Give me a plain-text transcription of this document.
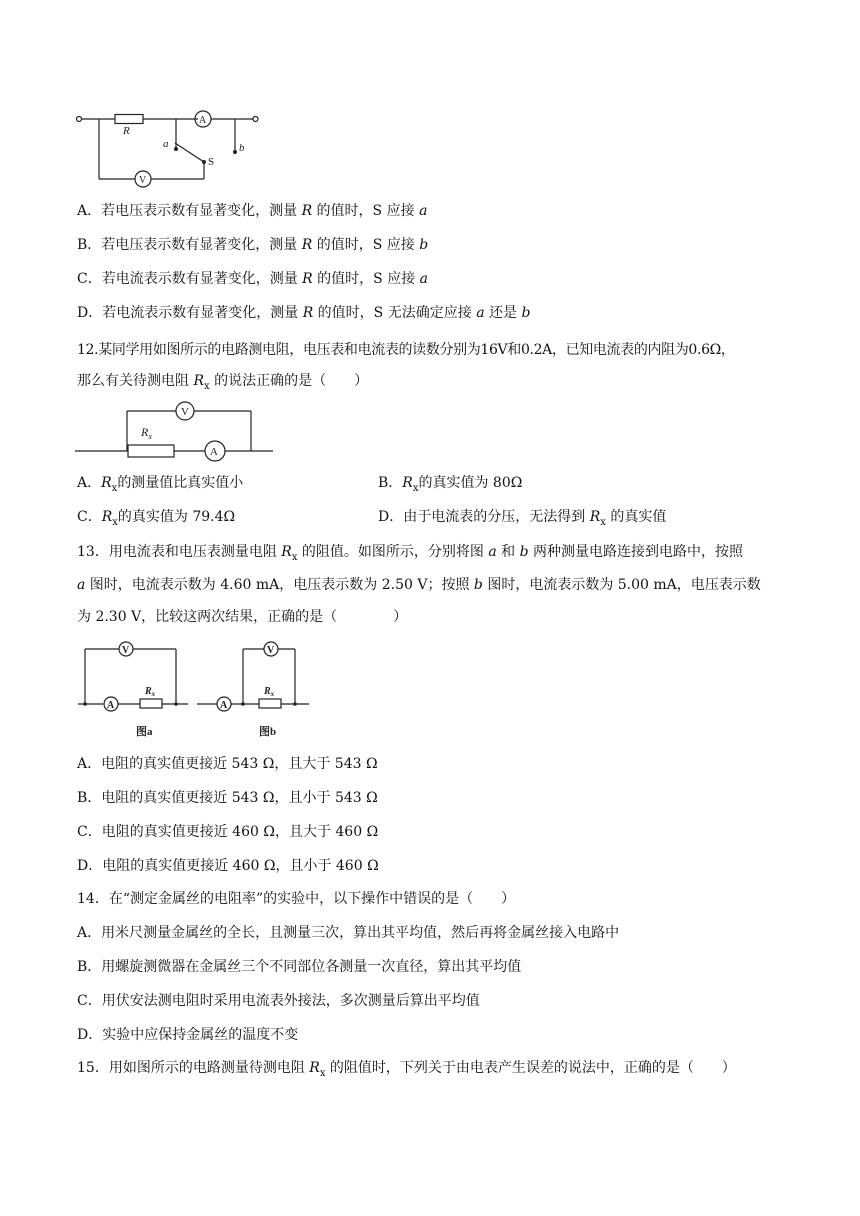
R
A
V
a	b
S
A．若电压表示数有显著变化，测量 R 的值时，S 应接 a
B．若电压表示数有显著变化，测量 R 的值时，S 应接 b
C．若电流表示数有显著变化，测量 R 的值时，S 应接 a
D．若电流表示数有显著变化，测量 R 的值时，S 无法确定应接 a 还是 b
12.某同学用如图所示的电路测电阻，电压表和电流表的读数分别为16V和0.2A，已知电流表的内阻为0.6Ω，
那么有关待测电阻 $R_x$ 的说法正确的是（　　）
V
A
$R_x$
A．$R_x$的测量值比真实值小	B．$R_x$的真实值为 80Ω
C．$R_x$的真实值为 79.4Ω	D．由于电流表的分压，无法得到 $R_x$ 的真实值
13．用电流表和电压表测量电阻 $R_x$ 的阻值。如图所示，分别将图 a 和 b 两种测量电路连接到电路中，按照
a 图时，电流表示数为 4.60 mA，电压表示数为 2.50 V；按照 b 图时，电流表示数为 5.00 mA，电压表示数
为 2.30 V，比较这两次结果，正确的是（　　　　）
V
A
$R_x$
图a
V
A
$R_x$
图b
A．电阻的真实值更接近 543 Ω，且大于 543 Ω
B．电阻的真实值更接近 543 Ω，且小于 543 Ω
C．电阻的真实值更接近 460 Ω，且大于 460 Ω
D．电阻的真实值更接近 460 Ω，且小于 460 Ω
14．在“测定金属丝的电阻率”的实验中，以下操作中错误的是（　　）
A．用米尺测量金属丝的全长，且测量三次，算出其平均值，然后再将金属丝接入电路中
B．用螺旋测微器在金属丝三个不同部位各测量一次直径，算出其平均值
C．用伏安法测电阻时采用电流表外接法，多次测量后算出平均值
D．实验中应保持金属丝的温度不变
15．用如图所示的电路测量待测电阻 $R_x$ 的阻值时，下列关于由电表产生误差的说法中，正确的是（　　）
